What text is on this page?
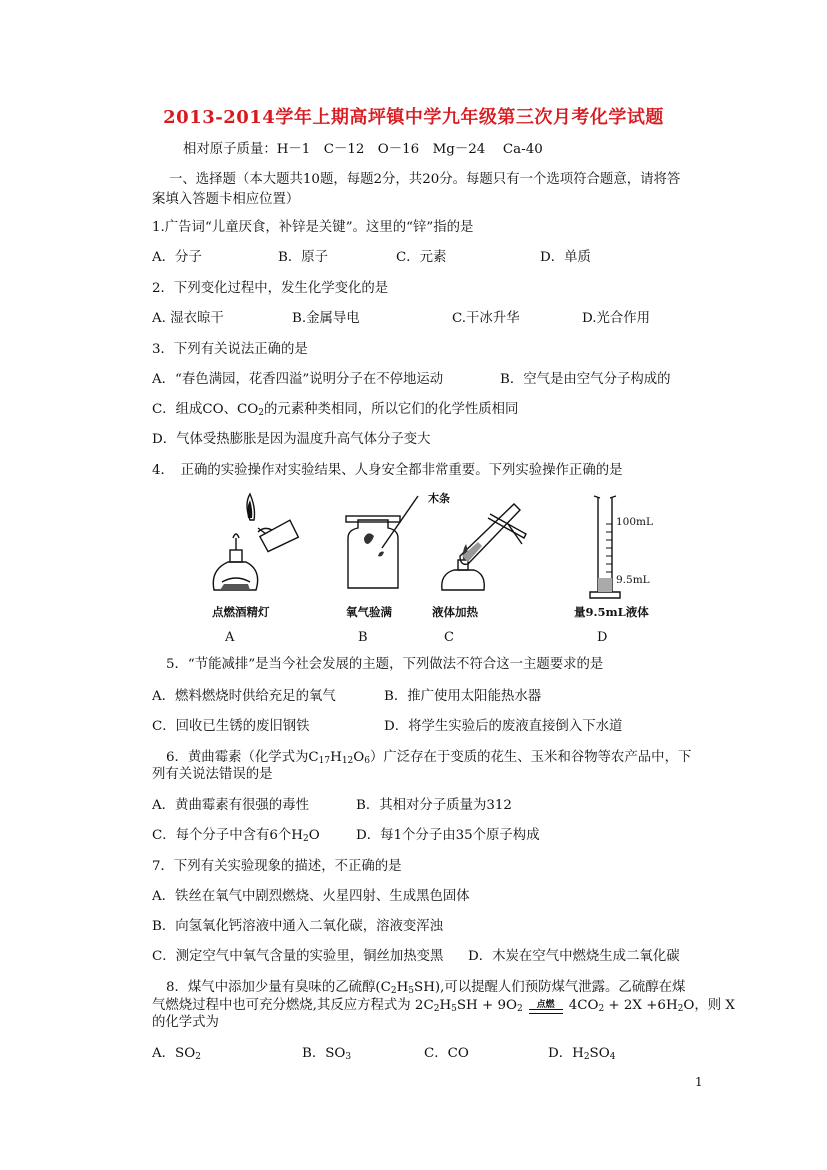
2013-2014学年上期高坪镇中学九年级第三次月考化学试题
相对原子质量：H－1　C－12　O－16　Mg－24　 Ca-40
一、选择题（本大题共10题，每题2分，共20分。每题只有一个选项符合题意，请将答
案填入答题卡相应位置）
1.广告词“儿童厌食，补锌是关键”。这里的“锌”指的是
A．分子	B．原子	C．元素	D．单质
2．下列变化过程中，发生化学变化的是
A. 湿衣晾干	B.金属导电	C.干冰升华	D.光合作用
3．下列有关说法正确的是
A．“春色满园，花香四溢”说明分子在不停地运动	B．空气是由空气分子构成的
C．组成CO、$CO_2$的元素种类相同，所以它们的化学性质相同
D．气体受热膨胀是因为温度升高气体分子变大
4．　正确的实验操作对实验结果、人身安全都非常重要。下列实验操作正确的是
点燃酒精灯
A
木条
氧气验满
B
液体加热
C
100mL
9.5mL
量9.5mL液体
D
5．“节能减排”是当今社会发展的主题，下列做法不符合这一主题要求的是
A．燃料燃烧时供给充足的氧气	B．推广使用太阳能热水器
C．回收已生锈的废旧钢铁	D．将学生实验后的废液直接倒入下水道
6．黄曲霉素（化学式为$C_{17}H_{12}O_6$）广泛存在于变质的花生、玉米和谷物等农产品中，下
列有关说法错误的是
A．黄曲霉素有很强的毒性	B．其相对分子质量为312
C．每个分子中含有6个$H_2O$	D．每1个分子由35个原子构成
7．下列有关实验现象的描述，不正确的是
A．铁丝在氧气中剧烈燃烧、火星四射、生成黑色固体
B．向氢氧化钙溶液中通入二氧化碳，溶液变浑浊
C．测定空气中氧气含量的实验里，铜丝加热变黑 D．木炭在空气中燃烧生成二氧化碳
8．煤气中添加少量有臭味的乙硫醇$(C_2H_5SH)$,可以提醒人们预防煤气泄露。乙硫醇在煤
气燃烧过程中也可充分燃烧,其反应方程式为 $2C_2H_5SH + 9O_2$ 点燃 $4CO_2 + 2X +6H_2O$，则 X
的化学式为
A．$SO_2$	B．$SO_3$	C．CO	D．$H_2SO_4$
1
